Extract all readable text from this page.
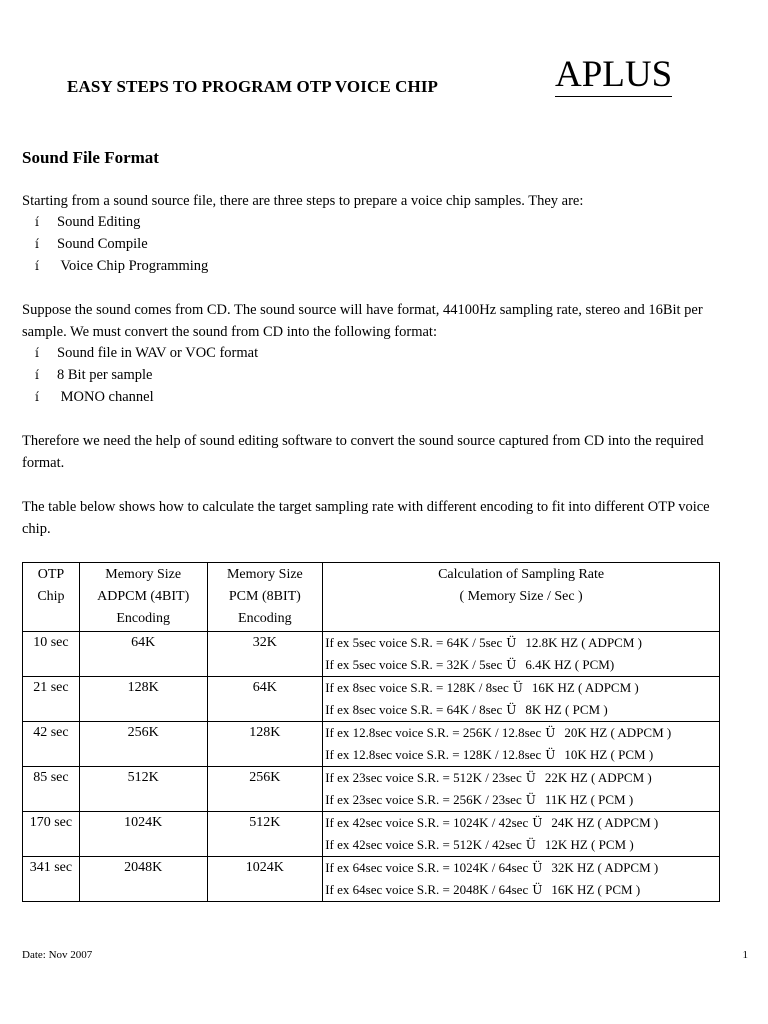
EASY STEPS TO PROGRAM OTP VOICE CHIP	APLUS
Sound File Format
Starting from a sound source file, there are three steps to prepare a voice chip samples. They are:
í Sound Editing
í Sound Compile
í Voice Chip Programming
Suppose the sound comes from CD. The sound source will have format, 44100Hz sampling rate, stereo and 16Bit per sample. We must convert the sound from CD into the following format:
í Sound file in WAV or VOC format
í 8 Bit per sample
í MONO channel
Therefore we need the help of sound editing software to convert the sound source captured from CD into the required format.
The table below shows how to calculate the target sampling rate with different encoding to fit into different OTP voice chip.
OTP
Chip	Memory Size
ADPCM (4BIT)
Encoding	Memory Size
PCM (8BIT)
Encoding	Calculation of Sampling Rate
( Memory Size / Sec )

10 sec	64K	32K	If ex 5sec voice S.R. = 64K / 5sec Ü 12.8K HZ ( ADPCM )
If ex 5sec voice S.R. = 32K / 5sec Ü 6.4K HZ ( PCM)

21 sec	128K	64K	If ex 8sec voice S.R. = 128K / 8sec Ü 16K HZ ( ADPCM )
If ex 8sec voice S.R. = 64K / 8sec Ü 8K HZ ( PCM )

42 sec	256K	128K	If ex 12.8sec voice S.R. = 256K / 12.8sec Ü 20K HZ ( ADPCM )
If ex 12.8sec voice S.R. = 128K / 12.8sec Ü 10K HZ ( PCM )

85 sec	512K	256K	If ex 23sec voice S.R. = 512K / 23sec Ü 22K HZ ( ADPCM )
If ex 23sec voice S.R. = 256K / 23sec Ü 11K HZ ( PCM )

170 sec	1024K	512K	If ex 42sec voice S.R. = 1024K / 42sec Ü 24K HZ ( ADPCM )
If ex 42sec voice S.R. = 512K / 42sec Ü 12K HZ ( PCM )

341 sec	2048K	1024K	If ex 64sec voice S.R. = 1024K / 64sec Ü 32K HZ ( ADPCM )
If ex 64sec voice S.R. = 2048K / 64sec Ü 16K HZ ( PCM )
Date: Nov 2007	1
